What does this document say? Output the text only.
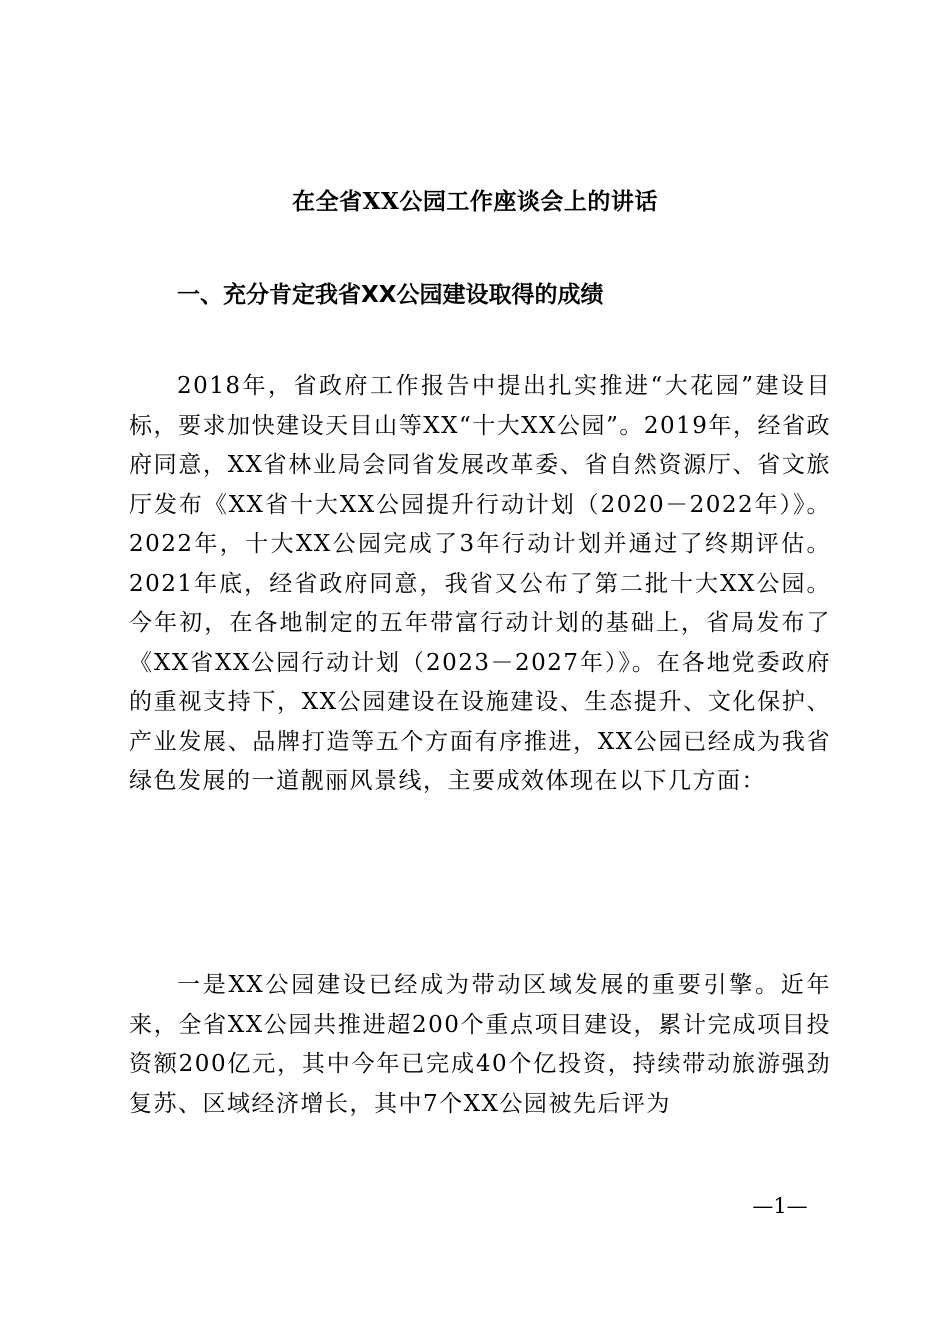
在全省XX公园工作座谈会上的讲话
一、充分肯定我省XX公园建设取得的成绩

2018年，省政府工作报告中提出扎实推进“大花园”建设目标，要求加快建设天目山等XX“十大XX公园”。2019年，经省政府同意，XX省林业局会同省发展改革委、省自然资源厅、省文旅厅发布《XX省十大XX公园提升行动计划（2020－2022年）》。2022年，十大XX公园完成了3年行动计划并通过了终期评估。2021年底，经省政府同意，我省又公布了第二批十大XX公园。今年初，在各地制定的五年带富行动计划的基础上，省局发布了《XX省XX公园行动计划（2023－2027年）》。在各地党委政府的重视支持下，XX公园建设在设施建设、生态提升、文化保护、产业发展、品牌打造等五个方面有序推进，XX公园已经成为我省绿色发展的一道靓丽风景线，主要成效体现在以下几方面：

一是XX公园建设已经成为带动区域发展的重要引擎。近年来，全省XX公园共推进超200个重点项目建设，累计完成项目投资额200亿元，其中今年已完成40个亿投资，持续带动旅游强劲复苏、区域经济增长，其中7个XX公园被先后评为

—1—
